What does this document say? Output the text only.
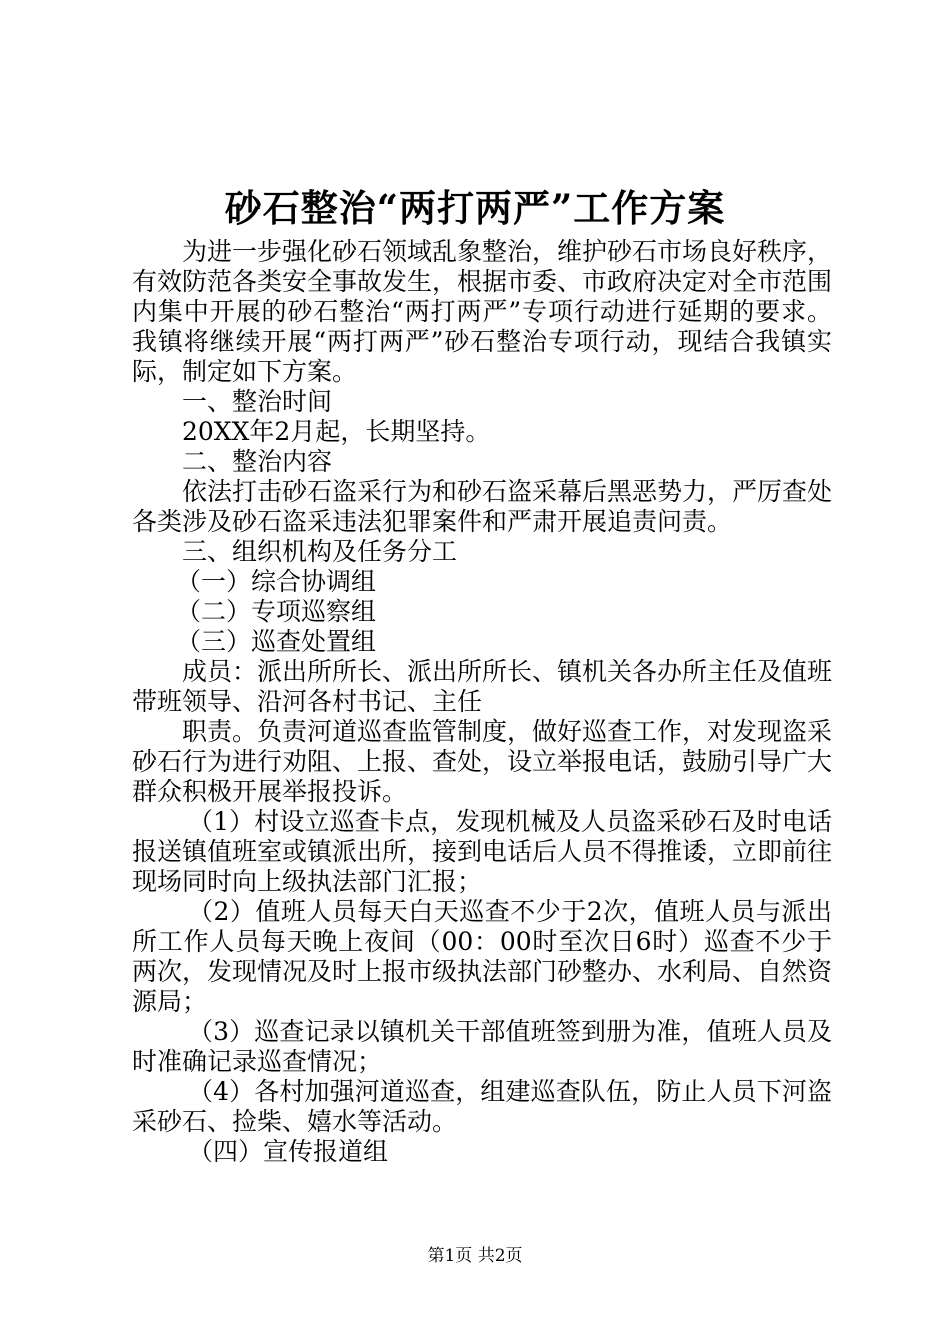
砂石整治“两打两严”工作方案

为进一步强化砂石领域乱象整治，维护砂石市场良好秩序，有效防范各类安全事故发生，根据市委、市政府决定对全市范围内集中开展的砂石整治“两打两严”专项行动进行延期的要求。我镇将继续开展“两打两严”砂石整治专项行动，现结合我镇实际，制定如下方案。

一、整治时间

20XX年2月起，长期坚持。

二、整治内容

依法打击砂石盗采行为和砂石盗采幕后黑恶势力，严厉查处各类涉及砂石盗采违法犯罪案件和严肃开展追责问责。

三、组织机构及任务分工

（一）综合协调组

（二）专项巡察组

（三）巡查处置组

成员：派出所所长、派出所所长、镇机关各办所主任及值班带班领导、沿河各村书记、主任

职责。负责河道巡查监管制度，做好巡查工作，对发现盗采砂石行为进行劝阻、上报、查处，设立举报电话，鼓励引导广大群众积极开展举报投诉。

（1）村设立巡查卡点，发现机械及人员盗采砂石及时电话报送镇值班室或镇派出所，接到电话后人员不得推诿，立即前往现场同时向上级执法部门汇报；

（2）值班人员每天白天巡查不少于2次，值班人员与派出所工作人员每天晚上夜间（00：00时至次日6时）巡查不少于两次，发现情况及时上报市级执法部门砂整办、水利局、自然资源局；

（3）巡查记录以镇机关干部值班签到册为准，值班人员及时准确记录巡查情况；

（4）各村加强河道巡查，组建巡查队伍，防止人员下河盗采砂石、捡柴、嬉水等活动。

（四）宣传报道组

第1页 共2页
